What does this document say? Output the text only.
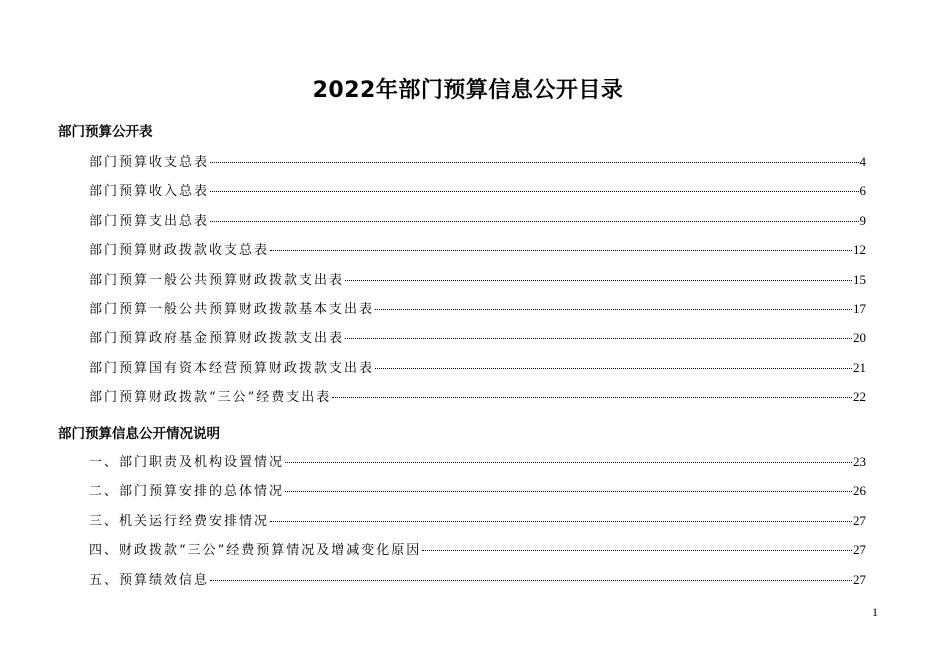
2022年部门预算信息公开目录
部门预算公开表
部门预算收支总表	4
部门预算收入总表	6
部门预算支出总表	9
部门预算财政拨款收支总表	12
部门预算一般公共预算财政拨款支出表	15
部门预算一般公共预算财政拨款基本支出表	17
部门预算政府基金预算财政拨款支出表	20
部门预算国有资本经营预算财政拨款支出表	21
部门预算财政拨款“三公”经费支出表	22
部门预算信息公开情况说明
一、部门职责及机构设置情况	23
二、部门预算安排的总体情况	26
三、机关运行经费安排情况	27
四、财政拨款“三公”经费预算情况及增减变化原因	27
五、预算绩效信息	27
1
